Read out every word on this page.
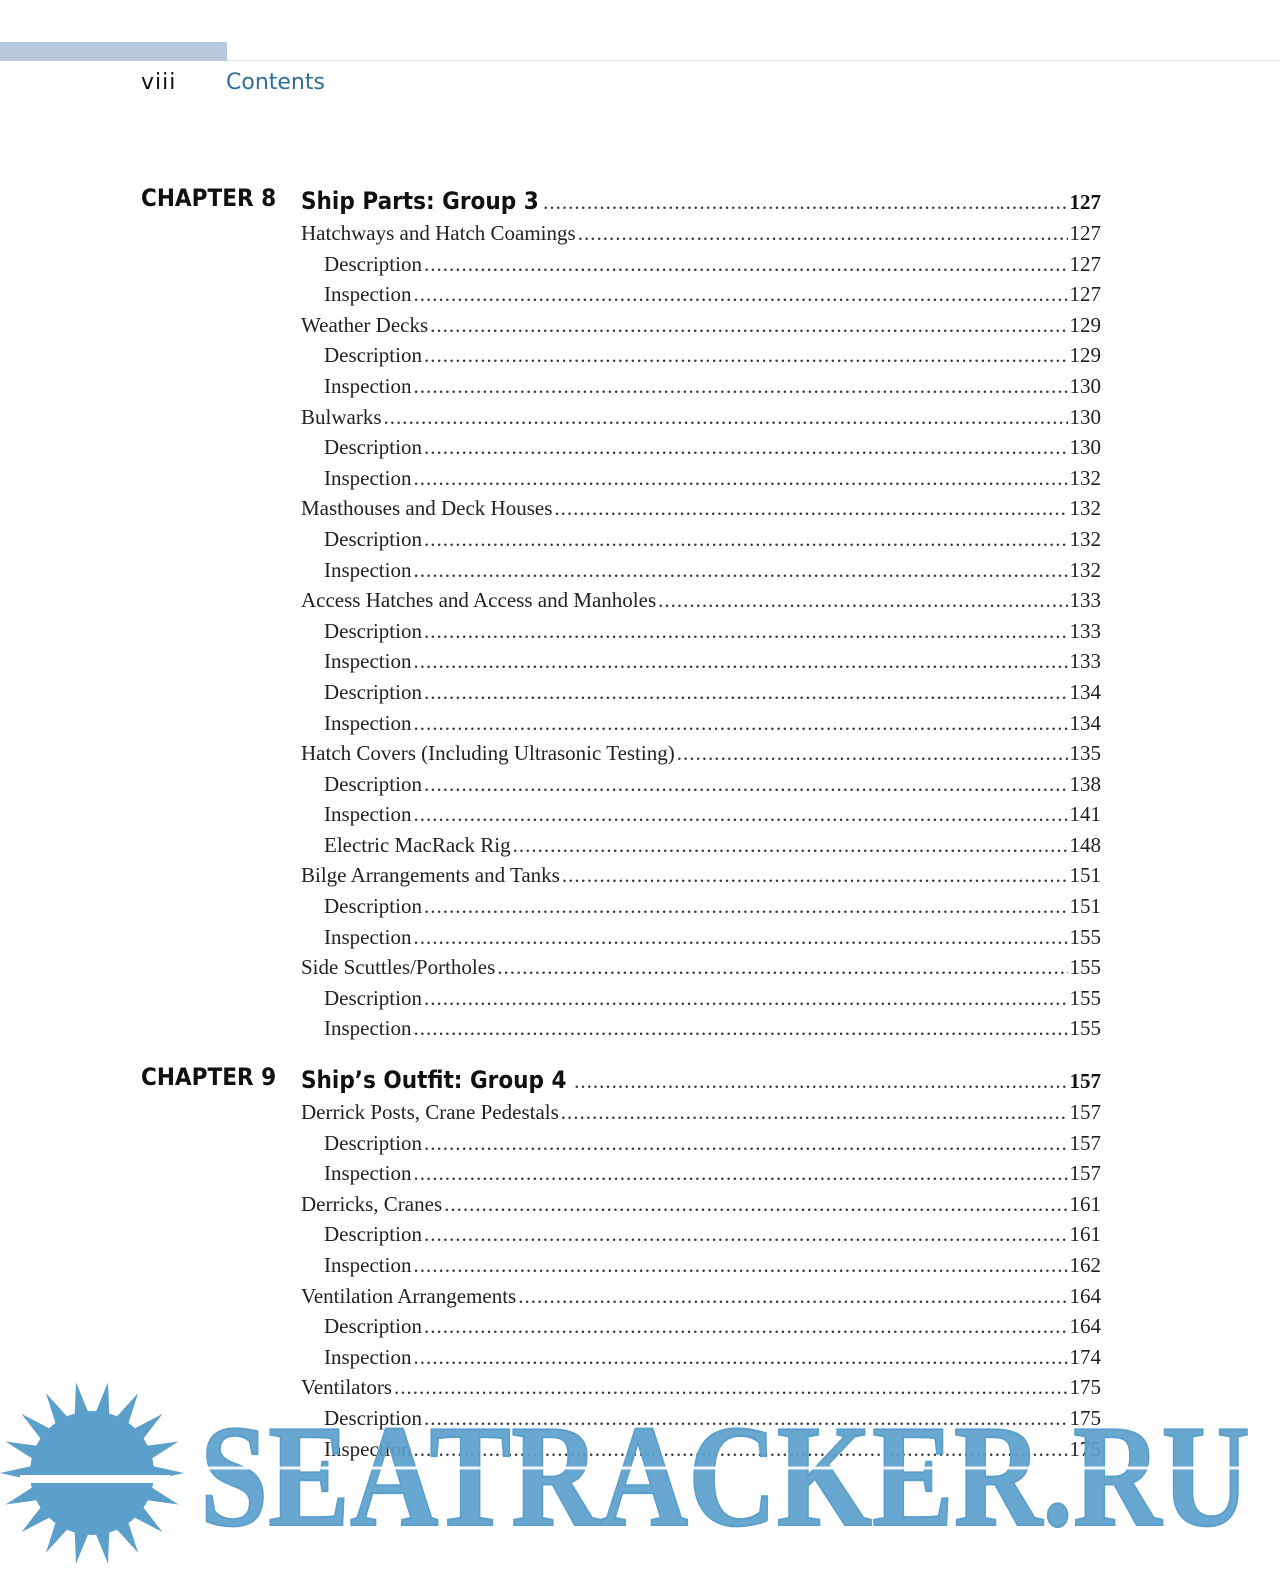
viii Contents
CHAPTER 8 Ship Parts: Group 3 .....	127
Hatchways and Hatch Coamings .....	127
Description .....	127
Inspection .....	127
Weather Decks .....	129
Description .....	129
Inspection .....	130
Bulwarks .....	130
Description .....	130
Inspection .....	132
Masthouses and Deck Houses .....	132
Description .....	132
Inspection .....	132
Access Hatches and Access and Manholes .....	133
Description .....	133
Inspection .....	133
Description .....	134
Inspection .....	134
Hatch Covers (Including Ultrasonic Testing) .....	135
Description .....	138
Inspection .....	141
Electric MacRack Rig .....	148
Bilge Arrangements and Tanks .....	151
Description .....	151
Inspection .....	155
Side Scuttles/Portholes .....	155
Description .....	155
Inspection .....	155
CHAPTER 9 Ship’s Outfit: Group 4 .....	157
Derrick Posts, Crane Pedestals .....	157
Description .....	157
Inspection .....	157
Derricks, Cranes .....	161
Description .....	161
Inspection .....	162
Ventilation Arrangements .....	164
Description .....	164
Inspection .....	174
Ventilators .....	175
Description .....	175
Inspection .....	175
SEATRACKER.RU
